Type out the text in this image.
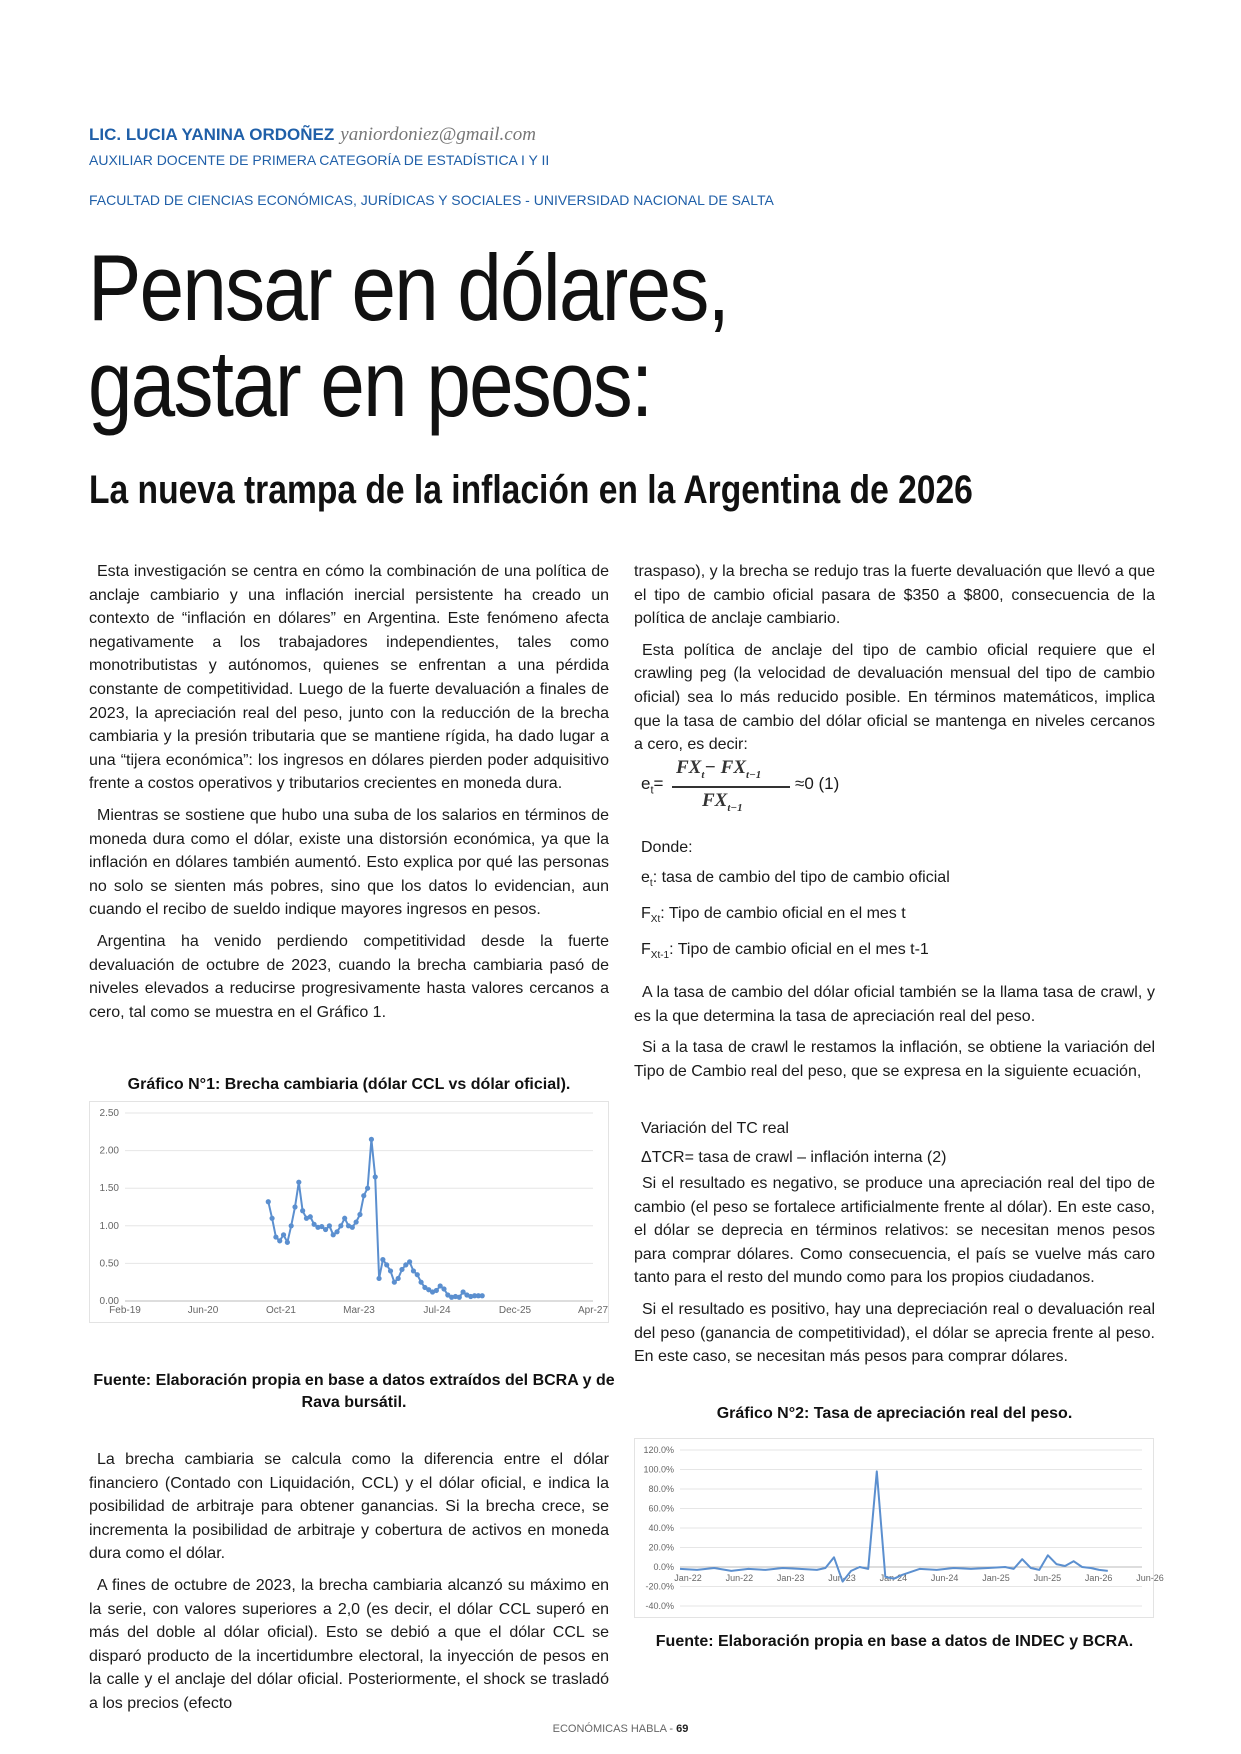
LIC. LUCIA YANINA ORDOÑEZ yaniordoniez@gmail.com
AUXILIAR DOCENTE DE PRIMERA CATEGORÍA DE ESTADÍSTICA I Y II
FACULTAD DE CIENCIAS ECONÓMICAS, JURÍDICAS Y SOCIALES - UNIVERSIDAD NACIONAL DE SALTA
Pensar en dólares,
gastar en pesos:
La nueva trampa de la inflación en la Argentina de 2026
Esta investigación se centra en cómo la combinación de una política de anclaje cambiario y una inflación inercial persistente ha creado un contexto de “inflación en dólares” en Argentina. Este fenómeno afecta negativamente a los trabajadores independientes, tales como monotributistas y autónomos, quienes se enfrentan a una pérdida constante de competitividad. Luego de la fuerte devaluación a finales de 2023, la apreciación real del peso, junto con la reducción de la brecha cambiaria y la presión tributaria que se mantiene rígida, ha dado lugar a una “tijera económica”: los ingresos en dólares pierden poder adquisitivo frente a costos operativos y tributarios crecientes en moneda dura.
Mientras se sostiene que hubo una suba de los salarios en términos de moneda dura como el dólar, existe una distorsión económica, ya que la inflación en dólares también aumentó. Esto explica por qué las personas no solo se sienten más pobres, sino que los datos lo evidencian, aun cuando el recibo de sueldo indique mayores ingresos en pesos.
Argentina ha venido perdiendo competitividad desde la fuerte devaluación de octubre de 2023, cuando la brecha cambiaria pasó de niveles elevados a reducirse progresivamente hasta valores cercanos a cero, tal como se muestra en el Gráfico 1.
Gráfico N°1: Brecha cambiaria (dólar CCL vs dólar oficial).
0.00
0.50
1.00
1.50
2.00
2.50
Feb-19	Jun-20	Oct-21	Mar-23	Jul-24	Dec-25	Apr-27
Fuente: Elaboración propia en base a datos extraídos del BCRA y de Rava bursátil.
La brecha cambiaria se calcula como la diferencia entre el dólar financiero (Contado con Liquidación, CCL) y el dólar oficial, e indica la posibilidad de arbitraje para obtener ganancias. Si la brecha crece, se incrementa la posibilidad de arbitraje y cobertura de activos en moneda dura como el dólar.
A fines de octubre de 2023, la brecha cambiaria alcanzó su máximo en la serie, con valores superiores a 2,0 (es decir, el dólar CCL superó en más del doble al dólar oficial). Esto se debió a que el dólar CCL se disparó producto de la incertidumbre electoral, la inyección de pesos en la calle y el anclaje del dólar oficial. Posteriormente, el shock se trasladó a los precios (efecto
traspaso), y la brecha se redujo tras la fuerte devaluación que llevó a que el tipo de cambio oficial pasara de $350 a $800, consecuencia de la política de anclaje cambiario.
Esta política de anclaje del tipo de cambio oficial requiere que el crawling peg (la velocidad de devaluación mensual del tipo de cambio oficial) sea lo más reducido posible. En términos matemáticos, implica que la tasa de cambio del dólar oficial se mantenga en niveles cercanos a cero, es decir:
$e_t=$
$FX_t- FX_{t-1}$
$FX_{t-1}$
≈0 (1)
Donde:
$e_t$: tasa de cambio del tipo de cambio oficial
$F_{Xt}$: Tipo de cambio oficial en el mes t
$F_{Xt-1}$: Tipo de cambio oficial en el mes t-1
A la tasa de cambio del dólar oficial también se la llama tasa de crawl, y es la que determina la tasa de apreciación real del peso.
Si a la tasa de crawl le restamos la inflación, se obtiene la variación del Tipo de Cambio real del peso, que se expresa en la siguiente ecuación,
Variación del TC real
ΔTCR= tasa de crawl – inflación interna (2)
Si el resultado es negativo, se produce una apreciación real del tipo de cambio (el peso se fortalece artificialmente frente al dólar). En este caso, el dólar se deprecia en términos relativos: se necesitan menos pesos para comprar dólares. Como consecuencia, el país se vuelve más caro tanto para el resto del mundo como para los propios ciudadanos.
Si el resultado es positivo, hay una depreciación real o devaluación real del peso (ganancia de competitividad), el dólar se aprecia frente al peso. En este caso, se necesitan más pesos para comprar dólares.
Gráfico N°2: Tasa de apreciación real del peso.
-40.0%
-20.0%
0.0%
20.0%
40.0%
60.0%
80.0%
100.0%
120.0%
Jan-22	Jun-22	Jan-23	Jun-23	Jan-24	Jun-24	Jan-25	Jun-25	Jan-26	Jun-26
Fuente: Elaboración propia en base a datos de INDEC y BCRA.
ECONÓMICAS HABLA - 69
